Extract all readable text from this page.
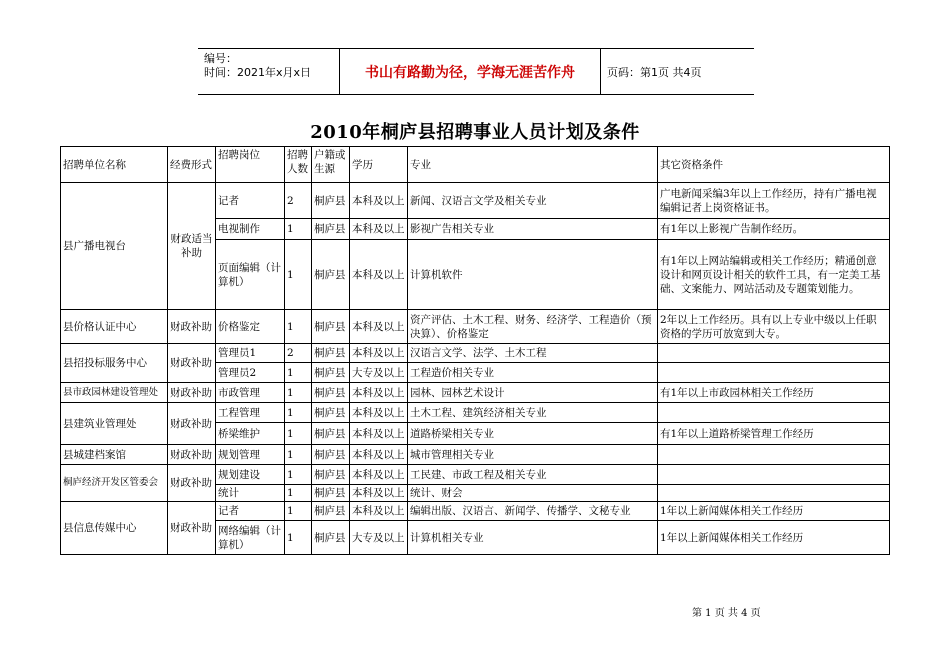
编号：
时间：2021年x月x日	书山有路勤为径，学海无涯苦作舟	页码：第1页 共4页
2010年桐庐县招聘事业人员计划及条件
招聘单位名称	经费形式	招聘岗位	招聘人数	户籍或生源	学历	专业	其它资格条件
县广播电视台	财政适当补助	记者	2	桐庐县	本科及以上	新闻、汉语言文学及相关专业	广电新闻采编3年以上工作经历，持有广播电视编辑记者上岗资格证书。
		电视制作	1	桐庐县	本科及以上	影视广告相关专业	有1年以上影视广告制作经历。
		页面编辑（计算机）	1	桐庐县	本科及以上	计算机软件	有1年以上网站编辑或相关工作经历；精通创意设计和网页设计相关的软件工具，有一定美工基础、文案能力、网站活动及专题策划能力。
县价格认证中心	财政补助	价格鉴定	1	桐庐县	本科及以上	资产评估、土木工程、财务、经济学、工程造价（预决算）、价格鉴定	2年以上工作经历。具有以上专业中级以上任职资格的学历可放宽到大专。
县招投标服务中心	财政补助	管理员1	2	桐庐县	本科及以上	汉语言文学、法学、土木工程	
		管理员2	1	桐庐县	大专及以上	工程造价相关专业	
县市政园林建设管理处	财政补助	市政管理	1	桐庐县	本科及以上	园林、园林艺术设计	有1年以上市政园林相关工作经历
县建筑业管理处	财政补助	工程管理	1	桐庐县	本科及以上	土木工程、建筑经济相关专业	
		桥梁维护	1	桐庐县	本科及以上	道路桥梁相关专业	有1年以上道路桥梁管理工作经历
县城建档案馆	财政补助	规划管理	1	桐庐县	本科及以上	城市管理相关专业	
桐庐经济开发区管委会	财政补助	规划建设	1	桐庐县	本科及以上	工民建、市政工程及相关专业	
		统计	1	桐庐县	本科及以上	统计、财会	
县信息传媒中心	财政补助	记者	1	桐庐县	本科及以上	编辑出版、汉语言、新闻学、传播学、文秘专业	1年以上新闻媒体相关工作经历
		网络编辑（计算机）	1	桐庐县	大专及以上	计算机相关专业	1年以上新闻媒体相关工作经历
第 1 页 共 4 页
